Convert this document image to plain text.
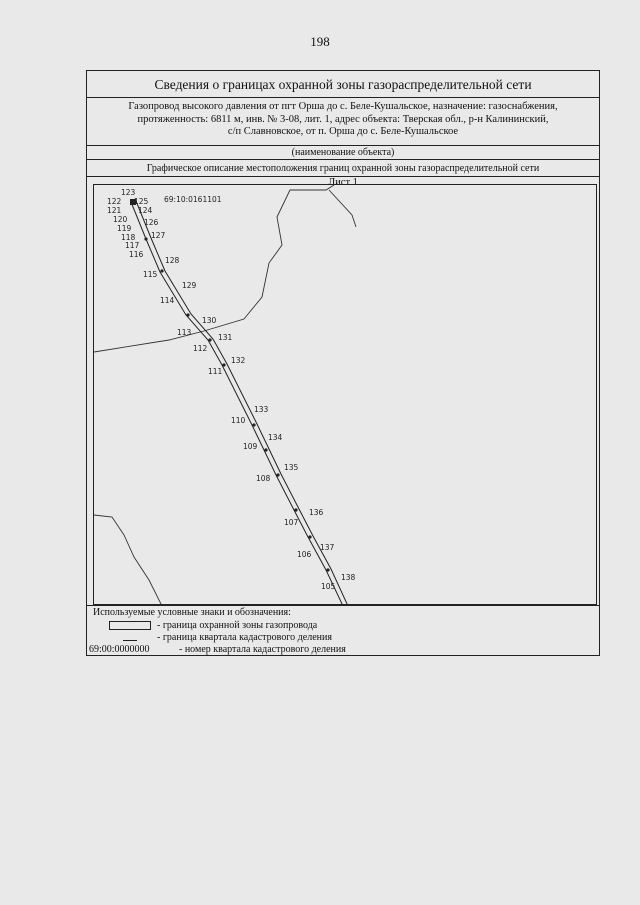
198
Сведения о границах охранной зоны газораспределительной сети
Газопровод высокого давления от пгт Орша до с. Беле-Кушальское, назначение: газоснабжения,
протяженность: 6811 м, инв. № 3-08, лит. 1, адрес объекта: Тверская обл., р-н Калининский,
с/п Славновское, от п. Орша до с. Беле-Кушальское
(наименование объекта)
Графическое описание местоположения границ охранной зоны газораспределительной сети
Лист 1
69:10:0161101
123
122
121
120
119
118
117
116
115
114
113
112
111
110
109
108
107
106
105
125
124
126
127
128
129
130
131
132
133
134
135
136
137
138
Используемые условные знаки и обозначения:
- граница охранной зоны газопровода
- граница квартала кадастрового деления
69:00:0000000	- номер квартала кадастрового деления
